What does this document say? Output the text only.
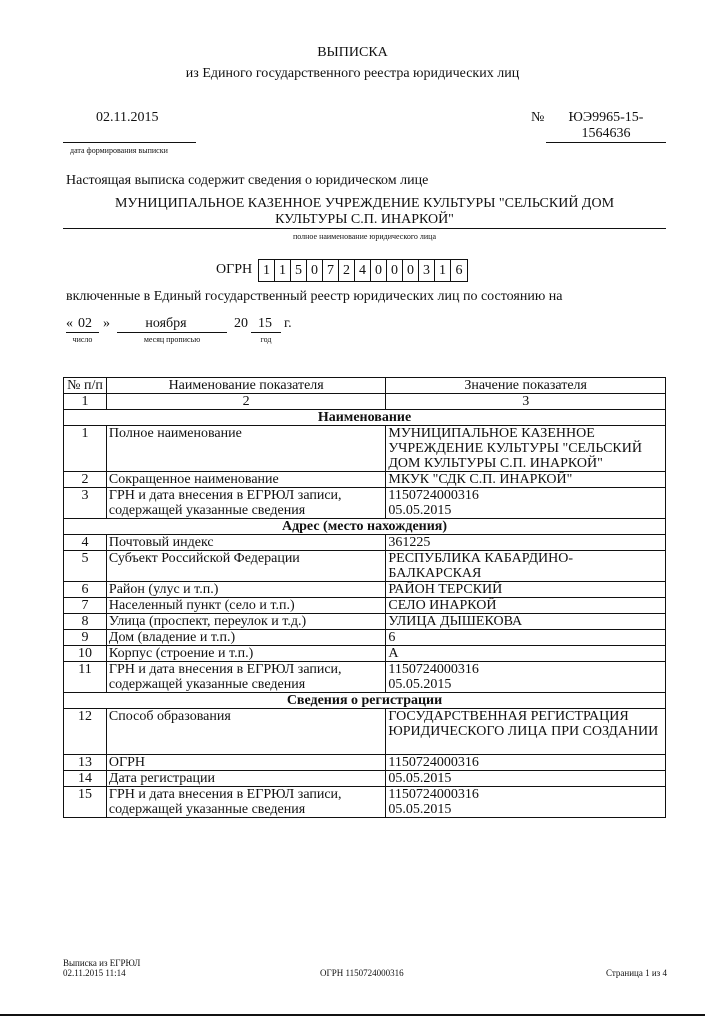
ВЫПИСКА
из Единого государственного реестра юридических лиц
02.11.2015
дата формирования выписки
№	ЮЭ9965-15-
1564636
Настоящая выписка содержит сведения о юридическом лице
МУНИЦИПАЛЬНОЕ КАЗЕННОЕ УЧРЕЖДЕНИЕ КУЛЬТУРЫ "СЕЛЬСКИЙ ДОМ
КУЛЬТУРЫ С.П. ИНАРКОЙ"
полное наименование юридического лица
ОГРН 1 1 5 0 7 2 4 0 0 0 3 1 6
включенные в Единый государственный реестр юридических лиц по состоянию на
« 02 »
число
ноября
месяц прописью
20 15
год
г.
№ п/п	Наименование показателя	Значение показателя
1	2	3
Наименование		
1	Полное наименование	МУНИЦИПАЛЬНОЕ КАЗЕННОЕ УЧРЕЖДЕНИЕ КУЛЬТУРЫ "СЕЛЬСКИЙ ДОМ КУЛЬТУРЫ С.П. ИНАРКОЙ"
2	Сокращенное наименование	МКУК "СДК С.П. ИНАРКОЙ"
3	ГРН и дата внесения в ЕГРЮЛ записи, содержащей указанные сведения	1150724000316
05.05.2015

Адрес (место нахождения)		
4	Почтовый индекс	361225
5	Субъект Российской Федерации	РЕСПУБЛИКА КАБАРДИНО-БАЛКАРСКАЯ
6	Район (улус и т.п.)	РАЙОН ТЕРСКИЙ
7	Населенный пункт (село и т.п.)	СЕЛО ИНАРКОЙ
8	Улица (проспект, переулок и т.д.)	УЛИЦА ДЫШЕКОВА
9	Дом (владение и т.п.)	6
10	Корпус (строение и т.п.)	А
11	ГРН и дата внесения в ЕГРЮЛ записи, содержащей указанные сведения	1150724000316
05.05.2015

Сведения о регистрации		
12	Способ образования	ГОСУДАРСТВЕННАЯ РЕГИСТРАЦИЯ ЮРИДИЧЕСКОГО ЛИЦА ПРИ СОЗДАНИИ
13	ОГРН	1150724000316
14	Дата регистрации	05.05.2015
15	ГРН и дата внесения в ЕГРЮЛ записи, содержащей указанные сведения	1150724000316
05.05.2015
Выписка из ЕГРЮЛ
02.11.2015 11:14	ОГРН 1150724000316	Страница 1 из 4
